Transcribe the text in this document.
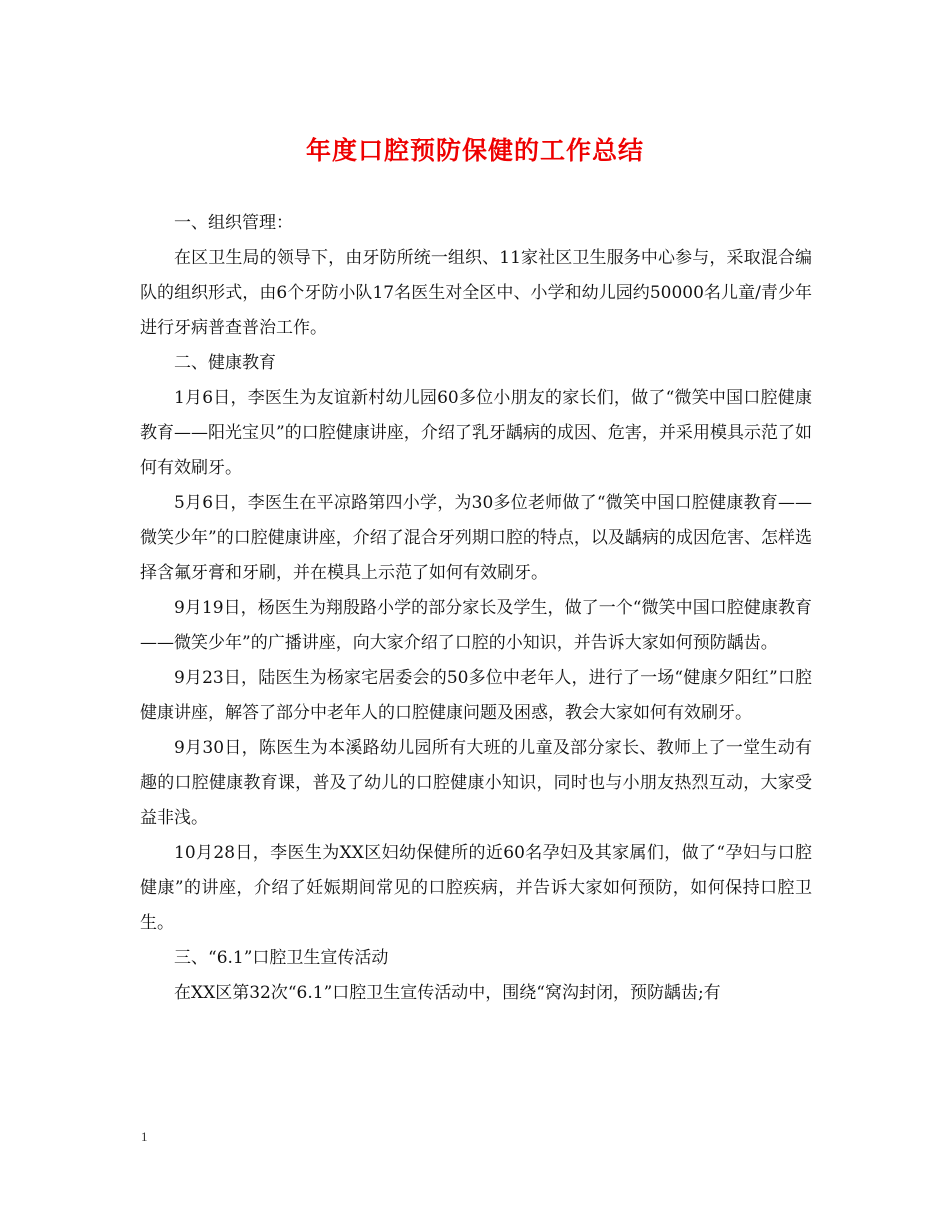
年度口腔预防保健的工作总结

一、组织管理：

在区卫生局的领导下，由牙防所统一组织、11家社区卫生服务中心参与，采取混合编队的组织形式，由6个牙防小队17名医生对全区中、小学和幼儿园约50000名儿童/青少年进行牙病普查普治工作。

二、健康教育

1月6日，李医生为友谊新村幼儿园60多位小朋友的家长们，做了“微笑中国口腔健康教育——阳光宝贝”的口腔健康讲座，介绍了乳牙龋病的成因、危害，并采用模具示范了如何有效刷牙。

5月6日，李医生在平凉路第四小学，为30多位老师做了“微笑中国口腔健康教育——微笑少年”的口腔健康讲座，介绍了混合牙列期口腔的特点，以及龋病的成因危害、怎样选择含氟牙膏和牙刷，并在模具上示范了如何有效刷牙。

9月19日，杨医生为翔殷路小学的部分家长及学生，做了一个“微笑中国口腔健康教育——微笑少年”的广播讲座，向大家介绍了口腔的小知识，并告诉大家如何预防龋齿。

9月23日，陆医生为杨家宅居委会的50多位中老年人，进行了一场“健康夕阳红”口腔健康讲座，解答了部分中老年人的口腔健康问题及困惑，教会大家如何有效刷牙。

9月30日，陈医生为本溪路幼儿园所有大班的儿童及部分家长、教师上了一堂生动有趣的口腔健康教育课，普及了幼儿的口腔健康小知识，同时也与小朋友热烈互动，大家受益非浅。

10月28日，李医生为XX区妇幼保健所的近60名孕妇及其家属们，做了“孕妇与口腔健康”的讲座，介绍了妊娠期间常见的口腔疾病，并告诉大家如何预防，如何保持口腔卫生。

三、“6.1”口腔卫生宣传活动

在XX区第32次“6.1”口腔卫生宣传活动中，围绕“窝沟封闭，预防龋齿;有

1
